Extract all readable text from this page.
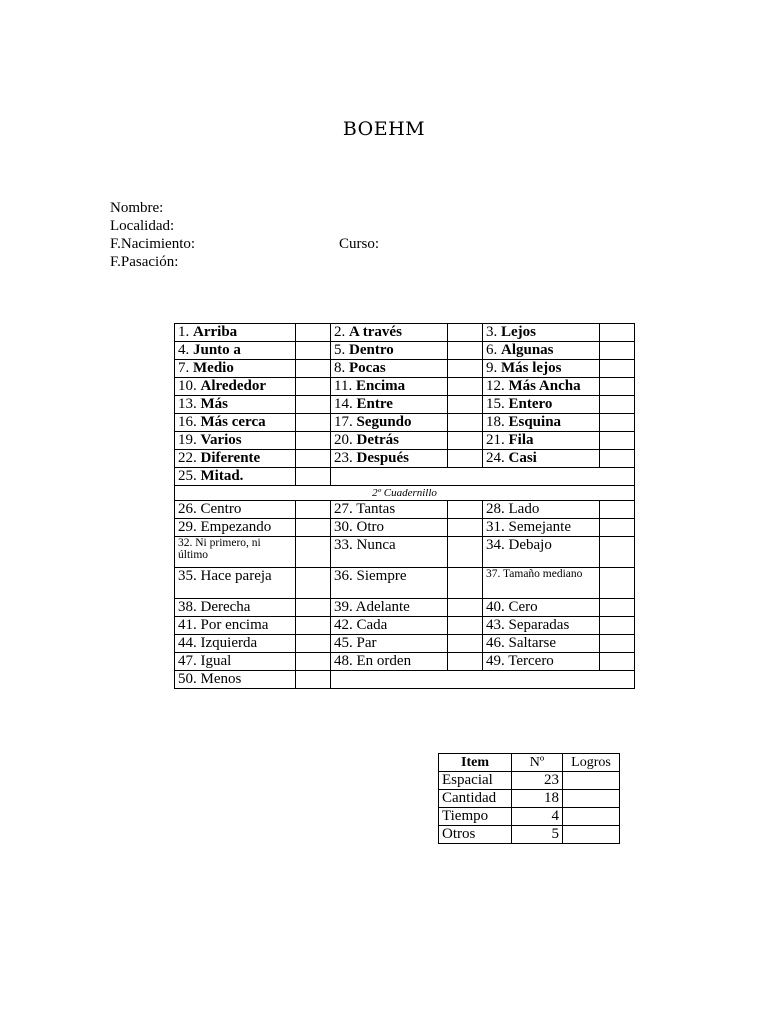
BOEHM
Nombre:
Localidad:
F.Nacimiento:	Curso:
F.Pasación:
1. Arriba		2. A través		3. Lejos	
4. Junto a		5. Dentro		6. Algunas	
7. Medio		8. Pocas		9. Más lejos	
10. Alrededor		11. Encima		12. Más Ancha	
13. Más		14. Entre		15. Entero	
16. Más cerca		17. Segundo		18. Esquina	
19. Varios		20. Detrás		21. Fila	
22. Diferente		23. Después		24. Casi	
25. Mitad.					
2º Cuadernillo					
26. Centro		27. Tantas		28. Lado	
29. Empezando		30. Otro		31. Semejante	
32. Ni primero, ni último		33. Nunca		34. Debajo	
35. Hace pareja		36. Siempre		37. Tamaño mediano	
38. Derecha		39. Adelante		40. Cero	
41. Por encima		42. Cada		43. Separadas	
44. Izquierda		45. Par		46. Saltarse	
47. Igual		48. En orden		49. Tercero	
50. Menos					
Item	Nº	Logros
Espacial	23	
Cantidad	18	
Tiempo	4	
Otros	5	
